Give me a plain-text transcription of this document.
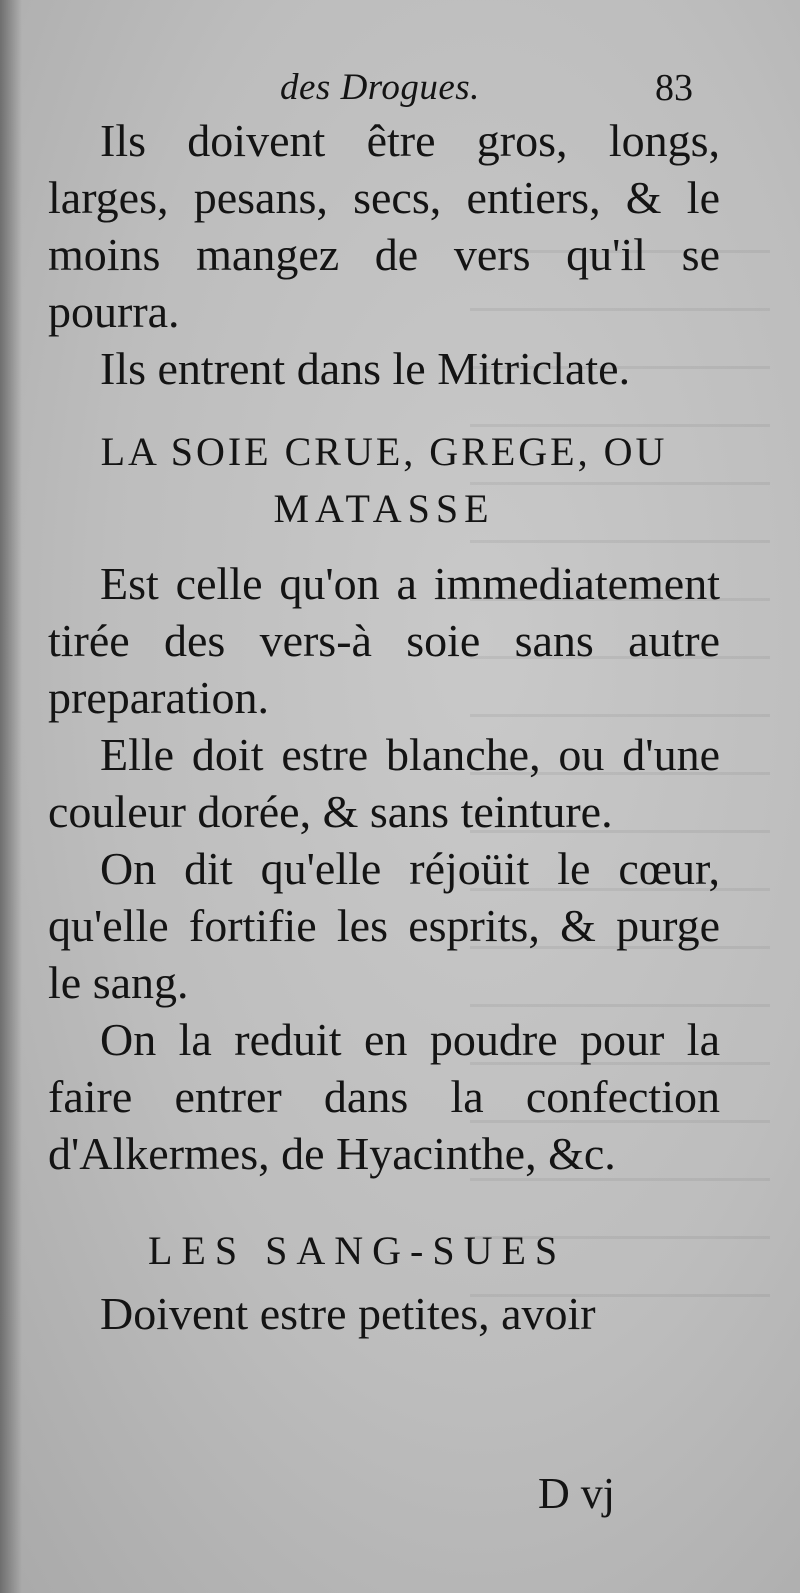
des Drogues.	83

Ils doivent être gros, longs, larges, pesans, secs, entiers, & le moins mangez de vers qu'il se pourra.

Ils entrent dans le Mitriclate.

LA SOIE CRUE, GREGE, OU
MATASSE

Est celle qu'on a immediatement tirée des vers-à soie sans autre preparation.

Elle doit estre blanche, ou d'une couleur dorée, & sans teinture.

On dit qu'elle réjoüit le cœur, qu'elle fortifie les esprits, & purge le sang.

On la reduit en poudre pour la faire entrer dans la confection d'Alkermes, de Hyacinthe, &c.

LES SANG-SUES

Doivent estre petites, avoir

D vj
